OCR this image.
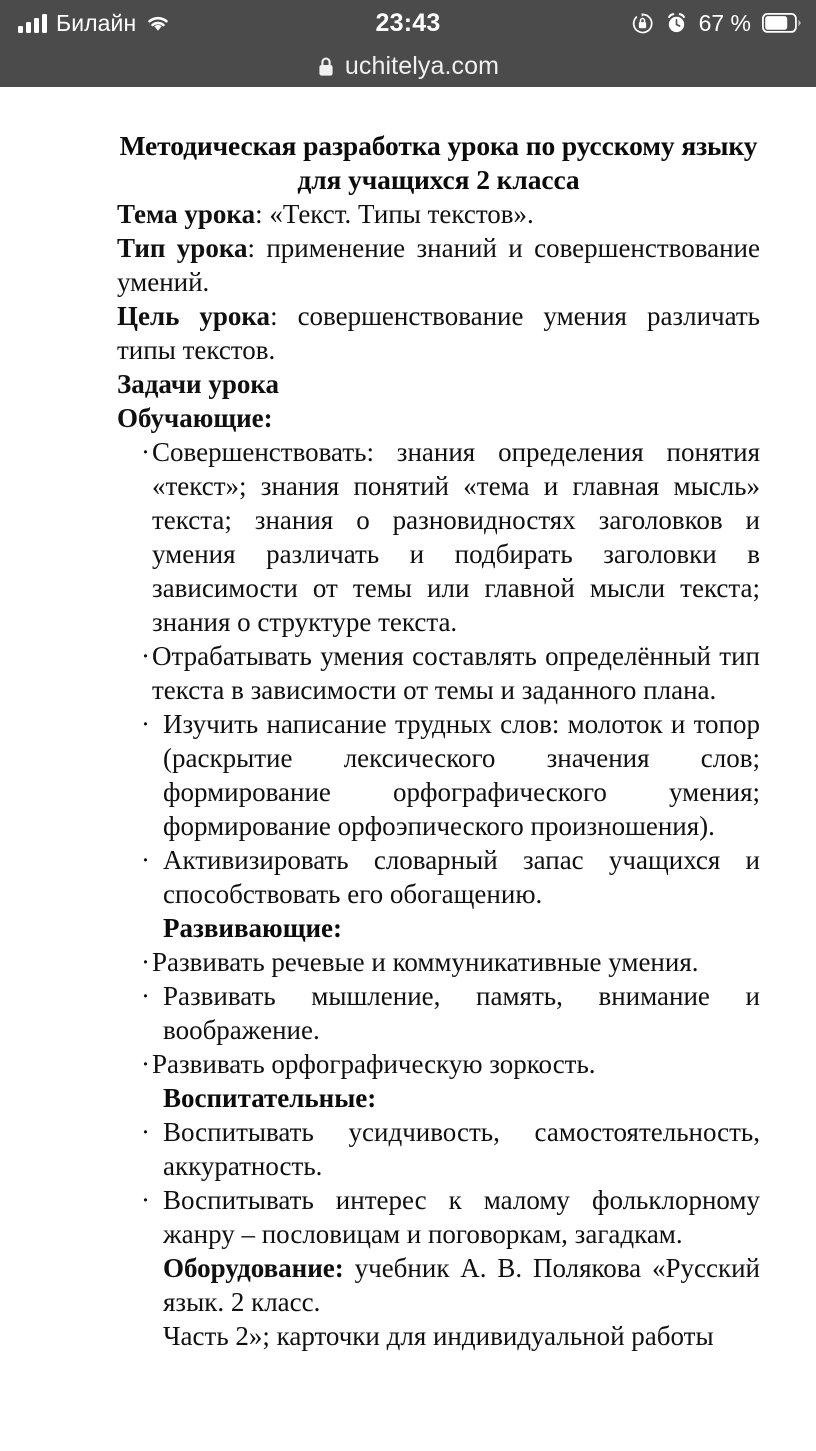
Билайн	23:43	67 %
uchitelya.com
Методическая разработка урока по русскому языку
для учащихся 2 класса
Тема урока: «Текст. Типы текстов».
Тип урока: применение знаний и совершенствование умений.
Цель урока: совершенствование умения различать типы текстов.
Задачи урока
Обучающие:
· Совершенствовать: знания определения понятия «текст»; знания понятий «тема и главная мысль» текста; знания о разновидностях заголовков и умения различать и подбирать заголовки в зависимости от темы или главной мысли текста; знания о структуре текста.
· Отрабатывать умения составлять определённый тип текста в зависимости от темы и заданного плана.
· Изучить написание трудных слов: молоток и топор (раскрытие лексического значения слов; формирование орфографического умения; формирование орфоэпического произношения).
· Активизировать словарный запас учащихся и способствовать его обогащению.
Развивающие:
· Развивать речевые и коммуникативные умения.
· Развивать мышление, память, внимание и воображение.
· Развивать орфографическую зоркость.
Воспитательные:
· Воспитывать усидчивость, самостоятельность, аккуратность.
· Воспитывать интерес к малому фольклорному жанру – пословицам и поговоркам, загадкам.
Оборудование: учебник А. В. Полякова «Русский язык. 2 класс.
Часть 2»; карточки для индивидуальной работы
